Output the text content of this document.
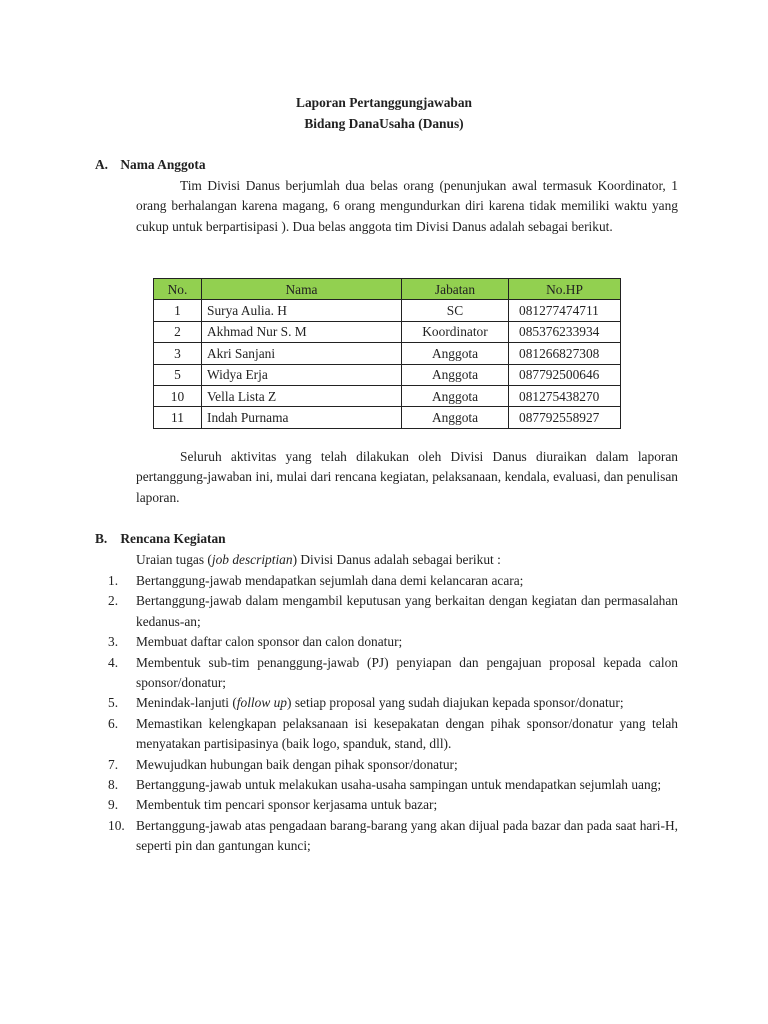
Laporan Pertanggungjawaban
Bidang DanaUsaha (Danus)
A. Nama Anggota
Tim Divisi Danus berjumlah dua belas orang (penunjukan awal termasuk Koordinator, 1 orang berhalangan karena magang, 6 orang mengundurkan diri karena tidak memiliki waktu yang cukup untuk berpartisipasi ). Dua belas anggota tim Divisi Danus adalah sebagai berikut.
No.	Nama	Jabatan	No.HP
1	Surya Aulia. H	SC	081277474711
2	Akhmad Nur S. M	Koordinator	085376233934
3	Akri Sanjani	Anggota	081266827308
5	Widya Erja	Anggota	087792500646
10	Vella Lista Z	Anggota	081275438270
11	Indah Purnama	Anggota	087792558927
Seluruh aktivitas yang telah dilakukan oleh Divisi Danus diuraikan dalam laporan pertanggung-jawaban ini, mulai dari rencana kegiatan, pelaksanaan, kendala, evaluasi, dan penulisan laporan.
B. Rencana Kegiatan
Uraian tugas (job descriptian) Divisi Danus adalah sebagai berikut :
1.	Bertanggung-jawab mendapatkan sejumlah dana demi kelancaran acara;
2.	Bertanggung-jawab dalam mengambil keputusan yang berkaitan dengan kegiatan dan permasalahan kedanus-an;
3.	Membuat daftar calon sponsor dan calon donatur;
4.	Membentuk sub-tim penanggung-jawab (PJ) penyiapan dan pengajuan proposal kepada calon sponsor/donatur;
5.	Menindak-lanjuti (follow up) setiap proposal yang sudah diajukan kepada sponsor/donatur;
6.	Memastikan kelengkapan pelaksanaan isi kesepakatan dengan pihak sponsor/donatur yang telah menyatakan partisipasinya (baik logo, spanduk, stand, dll).
7.	Mewujudkan hubungan baik dengan pihak sponsor/donatur;
8.	Bertanggung-jawab untuk melakukan usaha-usaha sampingan untuk mendapatkan sejumlah uang;
9.	Membentuk tim pencari sponsor kerjasama untuk bazar;
10. Bertanggung-jawab atas pengadaan barang-barang yang akan dijual pada bazar dan pada saat hari-H, seperti pin dan gantungan kunci;
